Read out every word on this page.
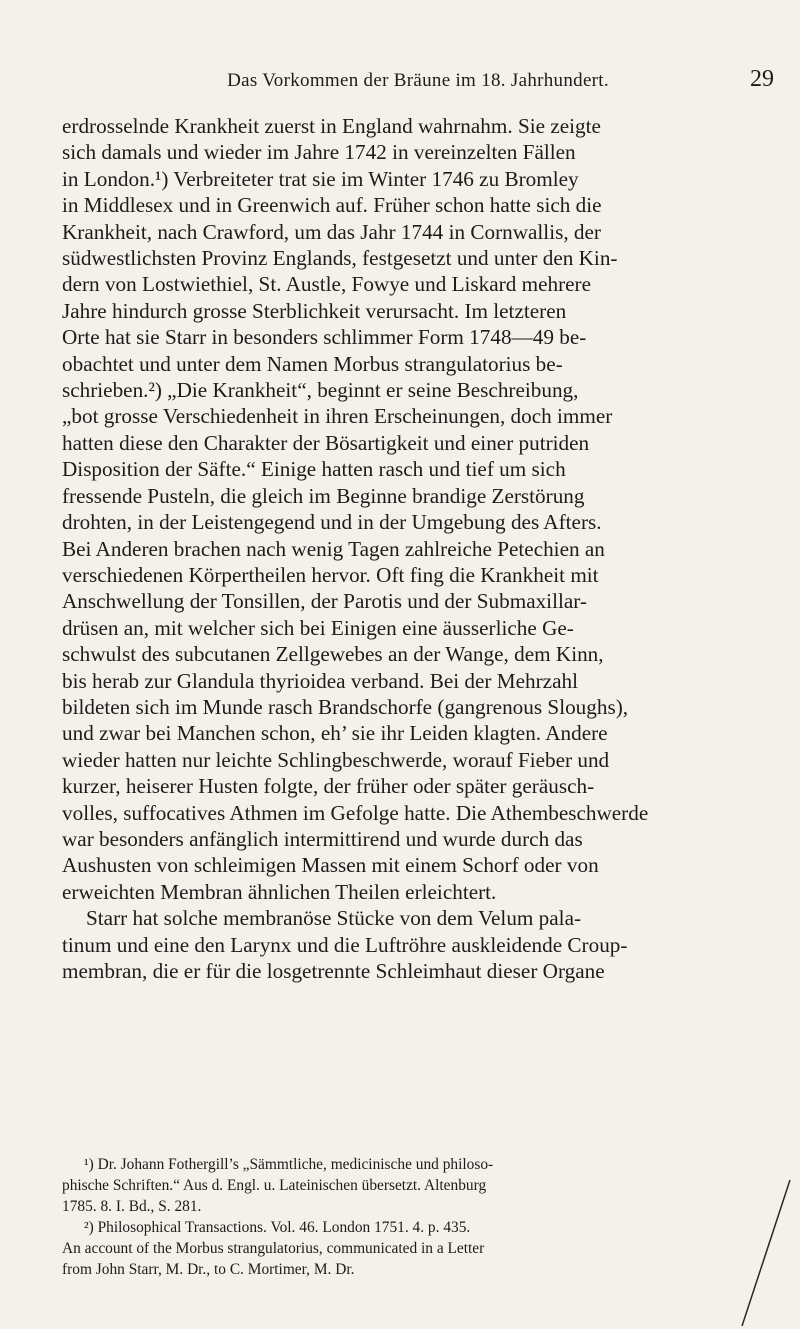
Das Vorkommen der Bräune im 18. Jahrhundert.	29
erdrosselnde Krankheit zuerst in England wahrnahm. Sie zeigte
sich damals und wieder im Jahre 1742 in vereinzelten Fällen
in London.¹) Verbreiteter trat sie im Winter 1746 zu Bromley
in Middlesex und in Greenwich auf. Früher schon hatte sich die
Krankheit, nach Crawford, um das Jahr 1744 in Cornwallis, der
südwestlichsten Provinz Englands, festgesetzt und unter den Kin-
dern von Lostwiethiel, St. Austle, Fowye und Liskard mehrere
Jahre hindurch grosse Sterblichkeit verursacht. Im letzteren
Orte hat sie Starr in besonders schlimmer Form 1748—49 be-
obachtet und unter dem Namen Morbus strangulatorius be-
schrieben.²) „Die Krankheit“, beginnt er seine Beschreibung,
„bot grosse Verschiedenheit in ihren Erscheinungen, doch immer
hatten diese den Charakter der Bösartigkeit und einer putriden
Disposition der Säfte.“ Einige hatten rasch und tief um sich
fressende Pusteln, die gleich im Beginne brandige Zerstörung
drohten, in der Leistengegend und in der Umgebung des Afters.
Bei Anderen brachen nach wenig Tagen zahlreiche Petechien an
verschiedenen Körpertheilen hervor. Oft fing die Krankheit mit
Anschwellung der Tonsillen, der Parotis und der Submaxillar-
drüsen an, mit welcher sich bei Einigen eine äusserliche Ge-
schwulst des subcutanen Zellgewebes an der Wange, dem Kinn,
bis herab zur Glandula thyrioidea verband. Bei der Mehrzahl
bildeten sich im Munde rasch Brandschorfe (gangrenous Sloughs),
und zwar bei Manchen schon, eh’ sie ihr Leiden klagten. Andere
wieder hatten nur leichte Schlingbeschwerde, worauf Fieber und
kurzer, heiserer Husten folgte, der früher oder später geräusch-
volles, suffocatives Athmen im Gefolge hatte. Die Athembeschwerde
war besonders anfänglich intermittirend und wurde durch das
Aushusten von schleimigen Massen mit einem Schorf oder von
erweichten Membran ähnlichen Theilen erleichtert.
Starr hat solche membranöse Stücke von dem Velum pala-
tinum und eine den Larynx und die Luftröhre auskleidende Croup-
membran, die er für die losgetrennte Schleimhaut dieser Organe
¹) Dr. Johann Fothergill’s „Sämmtliche, medicinische und philoso-
phische Schriften.“ Aus d. Engl. u. Lateinischen übersetzt. Altenburg
1785. 8. I. Bd., S. 281.
²) Philosophical Transactions. Vol. 46. London 1751. 4. p. 435.
An account of the Morbus strangulatorius, communicated in a Letter
from John Starr, M. Dr., to C. Mortimer, M. Dr.
